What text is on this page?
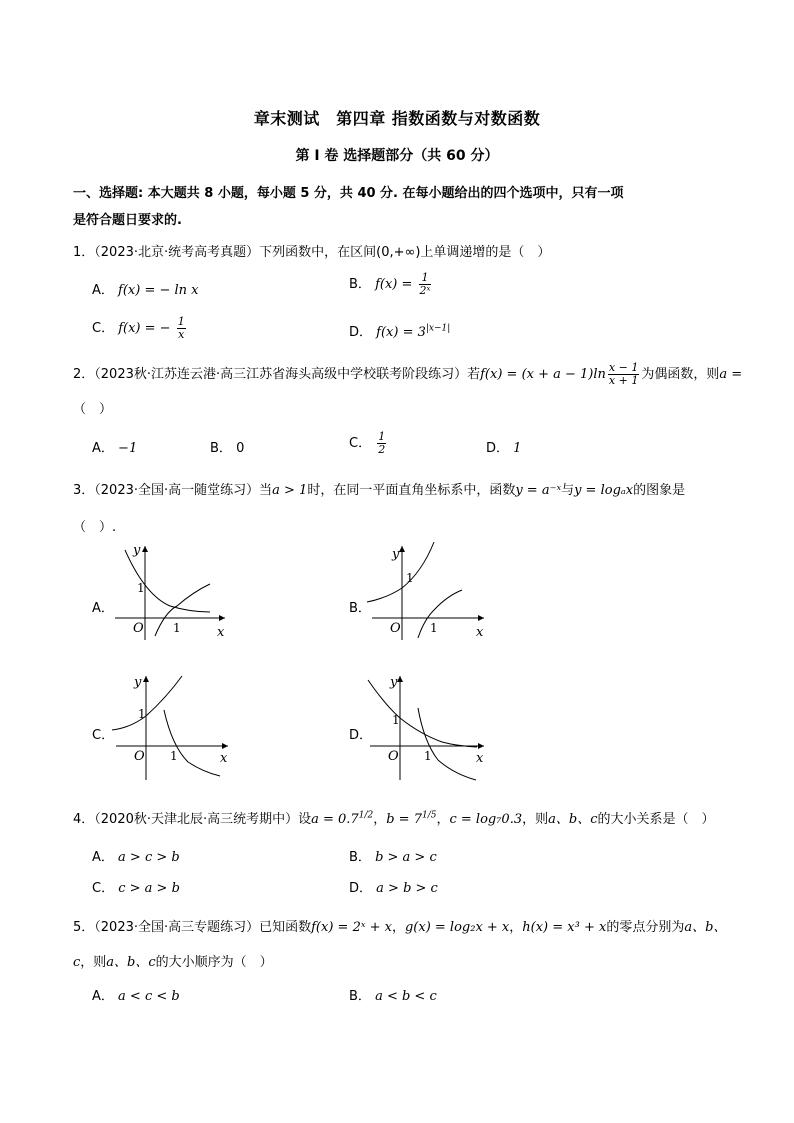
章末测试　第四章 指数函数与对数函数
第 I 卷 选择题部分（共 60 分）
一、选择题: 本大题共 8 小题，每小题 5 分，共 40 分. 在每小题给出的四个选项中，只有一项
是符合题日要求的.
1．（2023·北京·统考高考真题）下列函数中，在区间(0,+∞)上单调递增的是（　）
A． f(x) = − ln x	B． $f(x) = \frac{1}{\text{2ˣ}}$
C． f(x) = − $\frac{1}{x}$	D． $f(x) = 3^{|x-1|}$
2．（2023秋·江苏连云港·高三江苏省海头高级中学校联考阶段练习）若$f(x) = (x + a - 1)\ln \frac{x - 1}{x + 1}$ 为偶函数，则a =
（　）
A． −1	B． 0	C． $\frac{1}{2}$	D． 1
3．（2023·全国·高一随堂练习）当a > 1时，在同一平面直角坐标系中，函数y = a⁻ˣ与y = logₐx的图象是
（　）.
A．
O 1
1
x
y
B．
O 1
1
x
y
C．
O 1
1
x
y
D．
O 1
1
x
y
4．（2020秋·天津北辰·高三统考期中）设$a = 0.7^{1/2}$，$b = 7^{1/5}$，c = log₇0.3，则a、b、c的大小关系是（　）
A． a > c > b	B． b > a > c
C． c > a > b	D． a > b > c
5．（2023·全国·高三专题练习）已知函数f(x) = 2ˣ + x，g(x) = log₂x + x，h(x) = x³ + x的零点分别为a、b、
c，则a、b、c的大小顺序为（　）
A． a < c < b	B． a < b < c
